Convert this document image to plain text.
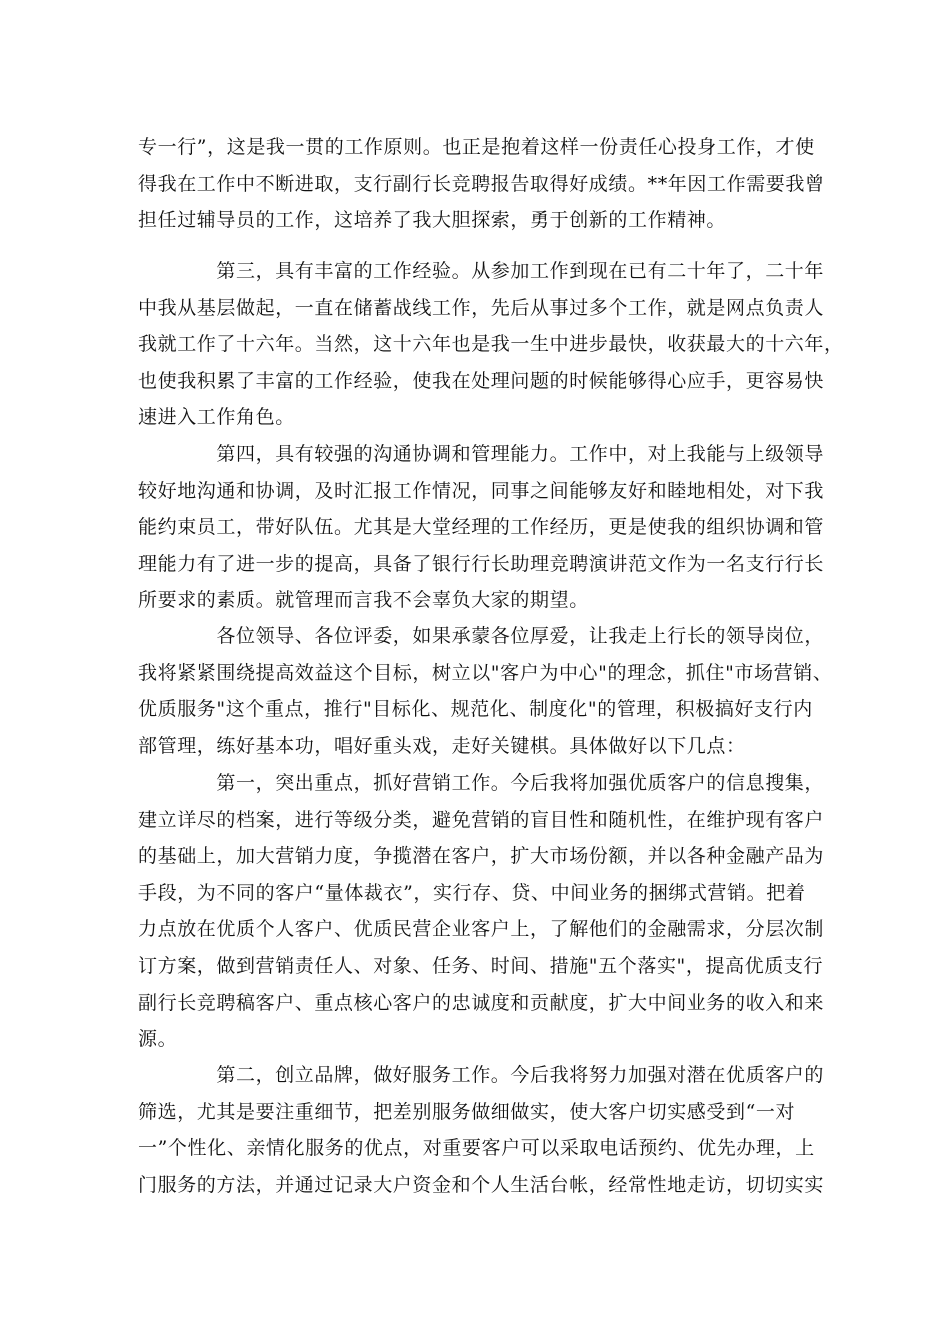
专一行”，这是我一贯的工作原则。也正是抱着这样一份责任心投身工作，才使
得我在工作中不断进取，支行副行长竞聘报告取得好成绩。**年因工作需要我曾
担任过辅导员的工作，这培养了我大胆探索，勇于创新的工作精神。
　　　　第三，具有丰富的工作经验。从参加工作到现在已有二十年了，二十年
中我从基层做起，一直在储蓄战线工作，先后从事过多个工作，就是网点负责人
我就工作了十六年。当然，这十六年也是我一生中进步最快，收获最大的十六年，
也使我积累了丰富的工作经验，使我在处理问题的时候能够得心应手，更容易快
速进入工作角色。
　　　　第四，具有较强的沟通协调和管理能力。工作中，对上我能与上级领导
较好地沟通和协调，及时汇报工作情况，同事之间能够友好和睦地相处，对下我
能约束员工，带好队伍。尤其是大堂经理的工作经历，更是使我的组织协调和管
理能力有了进一步的提高，具备了银行行长助理竞聘演讲范文作为一名支行行长
所要求的素质。就管理而言我不会辜负大家的期望。
　　　　各位领导、各位评委，如果承蒙各位厚爱，让我走上行长的领导岗位，
我将紧紧围绕提高效益这个目标，树立以"客户为中心"的理念，抓住"市场营销、
优质服务"这个重点，推行"目标化、规范化、制度化"的管理，积极搞好支行内
部管理，练好基本功，唱好重头戏，走好关键棋。具体做好以下几点：
　　　　第一，突出重点，抓好营销工作。今后我将加强优质客户的信息搜集，
建立详尽的档案，进行等级分类，避免营销的盲目性和随机性，在维护现有客户
的基础上，加大营销力度，争揽潜在客户，扩大市场份额，并以各种金融产品为
手段，为不同的客户“量体裁衣”，实行存、贷、中间业务的捆绑式营销。把着
力点放在优质个人客户、优质民营企业客户上，了解他们的金融需求，分层次制
订方案，做到营销责任人、对象、任务、时间、措施"五个落实"，提高优质支行
副行长竞聘稿客户、重点核心客户的忠诚度和贡献度，扩大中间业务的收入和来
源。
　　　　第二，创立品牌，做好服务工作。今后我将努力加强对潜在优质客户的
筛选，尤其是要注重细节，把差别服务做细做实，使大客户切实感受到“一对
一”个性化、亲情化服务的优点，对重要客户可以采取电话预约、优先办理，上
门服务的方法，并通过记录大户资金和个人生活台帐，经常性地走访，切切实实
